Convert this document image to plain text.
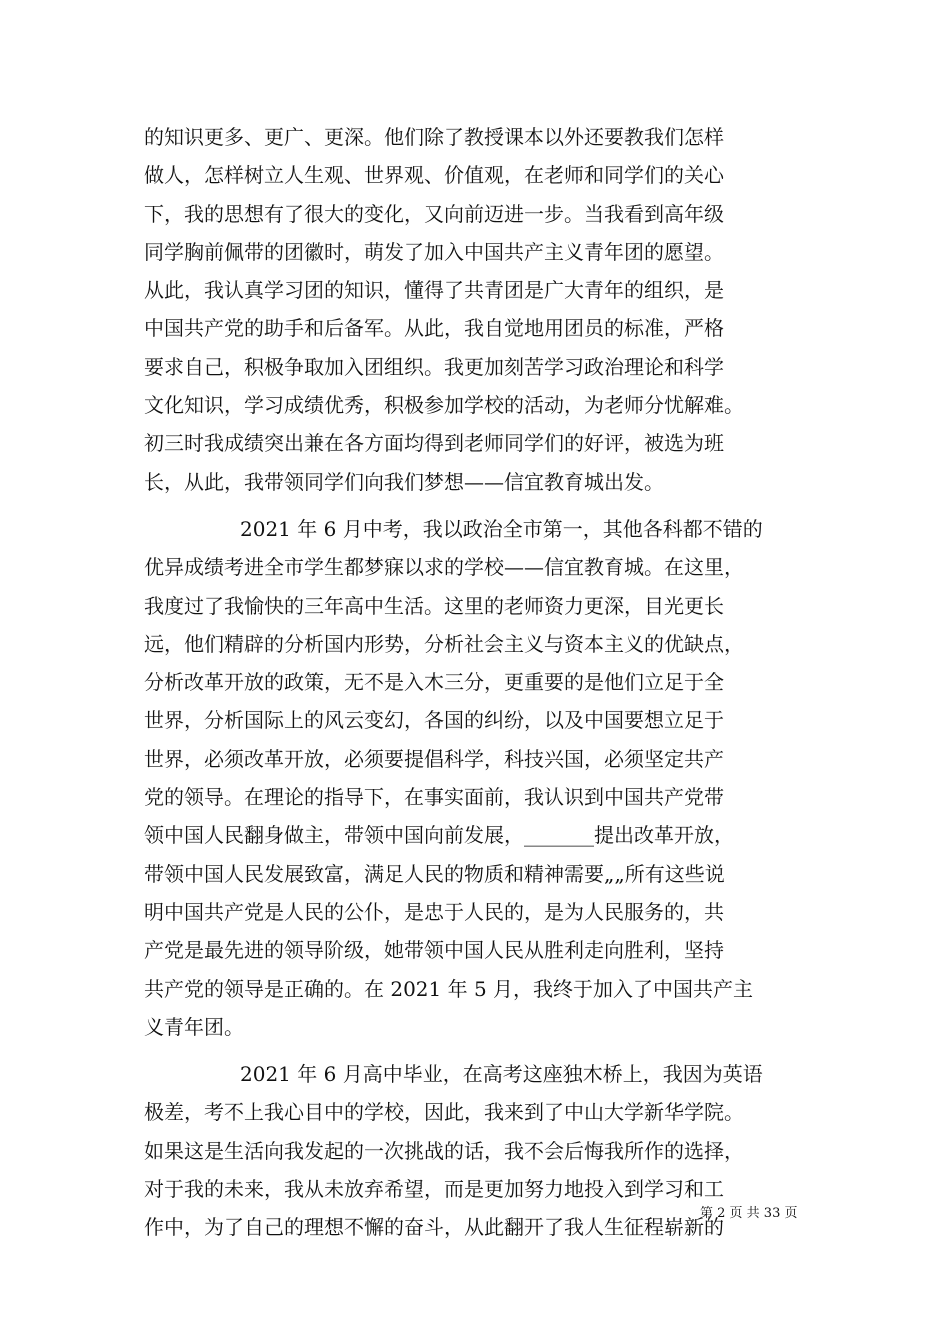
的知识更多、更广、更深。他们除了教授课本以外还要教我们怎样
做人，怎样树立人生观、世界观、价值观，在老师和同学们的关心
下，我的思想有了很大的变化，又向前迈进一步。当我看到高年级
同学胸前佩带的团徽时，萌发了加入中国共产主义青年团的愿望。
从此，我认真学习团的知识，懂得了共青团是广大青年的组织，是
中国共产党的助手和后备军。从此，我自觉地用团员的标准，严格
要求自己，积极争取加入团组织。我更加刻苦学习政治理论和科学
文化知识，学习成绩优秀，积极参加学校的活动，为老师分忧解难。
初三时我成绩突出兼在各方面均得到老师同学们的好评，被选为班
长，从此，我带领同学们向我们梦想——信宜教育城出发。
2021 年 6 月中考，我以政治全市第一，其他各科都不错的
优异成绩考进全市学生都梦寐以求的学校——信宜教育城。在这里，
我度过了我愉快的三年高中生活。这里的老师资力更深，目光更长
远，他们精辟的分析国内形势，分析社会主义与资本主义的优缺点，
分析改革开放的政策，无不是入木三分，更重要的是他们立足于全
世界，分析国际上的风云变幻，各国的纠纷，以及中国要想立足于
世界，必须改革开放，必须要提倡科学，科技兴国，必须坚定共产
党的领导。在理论的指导下，在事实面前，我认识到中国共产党带
领中国人民翻身做主，带领中国向前发展，_______提出改革开放，
带领中国人民发展致富，满足人民的物质和精神需要„„所有这些说
明中国共产党是人民的公仆，是忠于人民的，是为人民服务的，共
产党是最先进的领导阶级，她带领中国人民从胜利走向胜利，坚持
共产党的领导是正确的。在 2021 年 5 月，我终于加入了中国共产主
义青年团。
2021 年 6 月高中毕业，在高考这座独木桥上，我因为英语
极差，考不上我心目中的学校，因此，我来到了中山大学新华学院。
如果这是生活向我发起的一次挑战的话，我不会后悔我所作的选择，
对于我的未来，我从未放弃希望，而是更加努力地投入到学习和工
作中，为了自己的理想不懈的奋斗，从此翻开了我人生征程崭新的
第 2 页 共 33 页
